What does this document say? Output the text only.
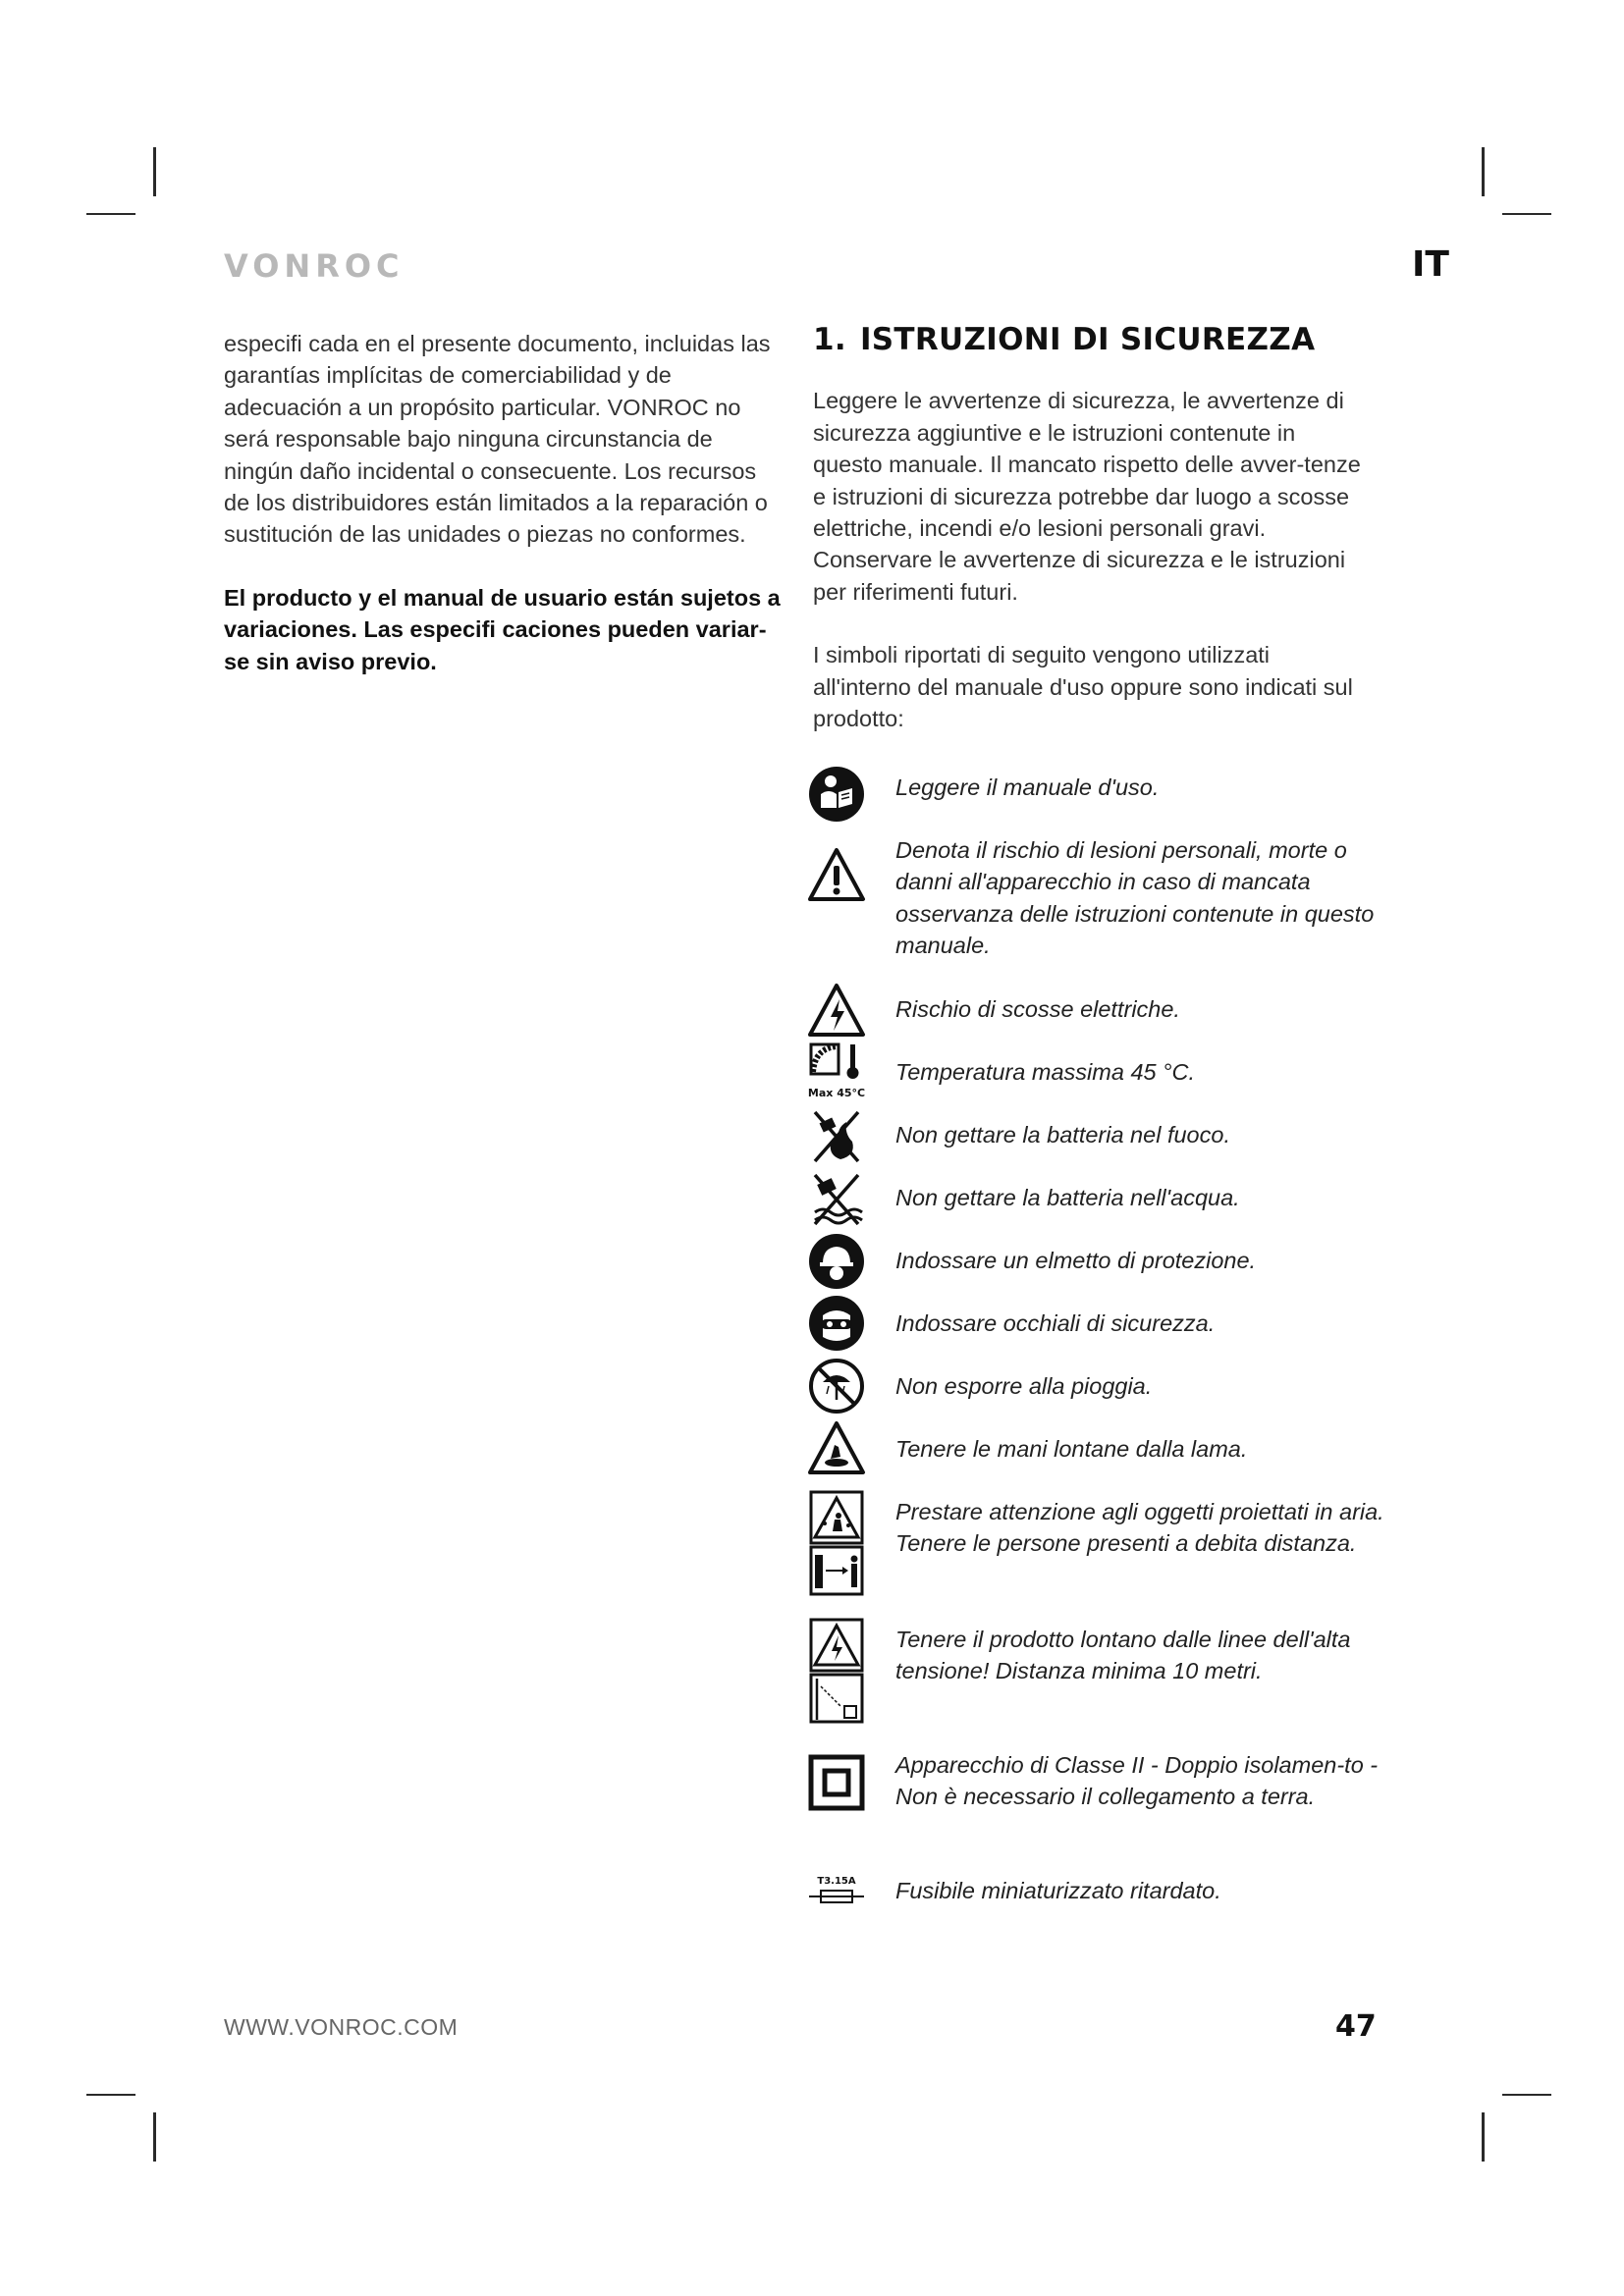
VONROC	IT

especifi cada en el presente documento, incluidas las garantías implícitas de comerciabilidad y de adecuación a un propósito particular. VONROC no será responsable bajo ninguna circunstancia de ningún daño incidental o consecuente. Los recursos de los distribuidores están limitados a la reparación o sustitución de las unidades o piezas no conformes.

El producto y el manual de usuario están sujetos a variaciones. Las especifi caciones pueden variar-se sin aviso previo.

1. ISTRUZIONI DI SICUREZZA

Leggere le avvertenze di sicurezza, le avvertenze di sicurezza aggiuntive e le istruzioni contenute in questo manuale. Il mancato rispetto delle avver-tenze e istruzioni di sicurezza potrebbe dar luogo a scosse elettriche, incendi e/o lesioni personali gravi. Conservare le avvertenze di sicurezza e le istruzioni per riferimenti futuri.

I simboli riportati di seguito vengono utilizzati all'interno del manuale d'uso oppure sono indicati sul prodotto:

Leggere il manuale d'uso.
Denota il rischio di lesioni personali, morte o danni all'apparecchio in caso di mancata osservanza delle istruzioni contenute in questo manuale.
Rischio di scosse elettriche.
Max 45°C
Temperatura massima 45 °C.
Non gettare la batteria nel fuoco.
Non gettare la batteria nell'acqua.
Indossare un elmetto di protezione.
Indossare occhiali di sicurezza.
Non esporre alla pioggia.
Tenere le mani lontane dalla lama.
Prestare attenzione agli oggetti proiettati in aria. Tenere le persone presenti a debita distanza.
Tenere il prodotto lontano dalle linee dell'alta tensione! Distanza minima 10 metri.
Apparecchio di Classe II - Doppio isolamen-to - Non è necessario il collegamento a terra.
T3.15A Fusibile miniaturizzato ritardato.
WWW.VONROC.COM	47
